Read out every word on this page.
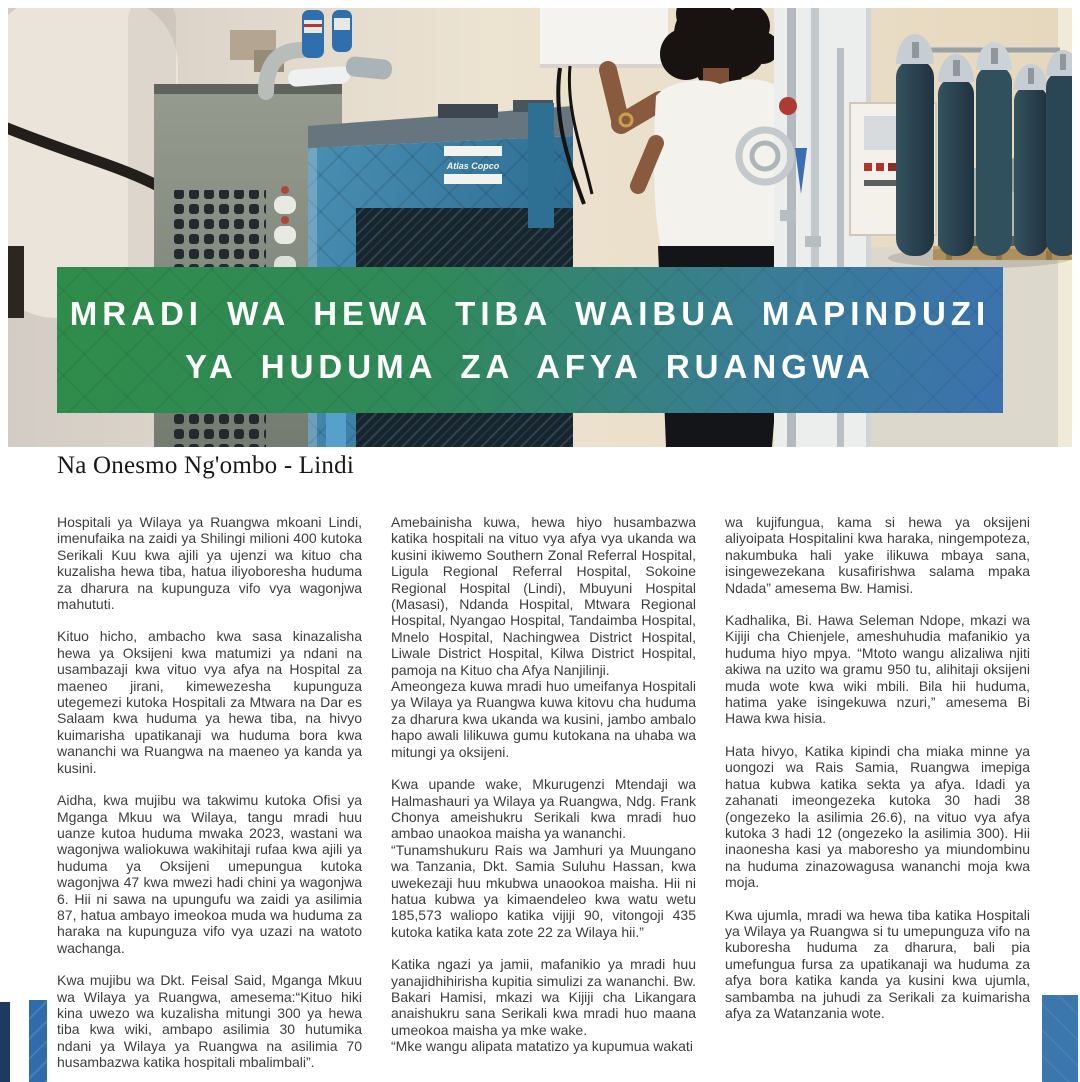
Atlas Copco
MRADI WA HEWA TIBA WAIBUA MAPINDUZI
YA HUDUMA ZA AFYA RUANGWA
Na Onesmo Ng'ombo - Lindi

Hospitali ya Wilaya ya Ruangwa mkoani Lindi, imenufaika na zaidi ya Shilingi milioni 400 kutoka Serikali Kuu kwa ajili ya ujenzi wa kituo cha kuzalisha hewa tiba, hatua iliyoboresha huduma za dharura na kupunguza vifo vya wagonjwa mahututi.

Kituo hicho, ambacho kwa sasa kinazalisha hewa ya Oksijeni kwa matumizi ya ndani na usambazaji kwa vituo vya afya na Hospital za maeneo jirani, kimewezesha kupunguza utegemezi kutoka Hospitali za Mtwara na Dar es Salaam kwa huduma ya hewa tiba, na hivyo kuimarisha upatikanaji wa huduma bora kwa wananchi wa Ruangwa na maeneo ya kanda ya kusini.

Aidha, kwa mujibu wa takwimu kutoka Ofisi ya Mganga Mkuu wa Wilaya, tangu mradi huu uanze kutoa huduma mwaka 2023, wastani wa wagonjwa waliokuwa wakihitaji rufaa kwa ajili ya huduma ya Oksijeni umepungua kutoka wagonjwa 47 kwa mwezi hadi chini ya wagonjwa 6. Hii ni sawa na upungufu wa zaidi ya asilimia 87, hatua ambayo imeokoa muda wa huduma za haraka na kupunguza vifo vya uzazi na watoto wachanga.

Kwa mujibu wa Dkt. Feisal Said, Mganga Mkuu wa Wilaya ya Ruangwa, amesema:“Kituo hiki kina uwezo wa kuzalisha mitungi 300 ya hewa tiba kwa wiki, ambapo asilimia 30 hutumika ndani ya Wilaya ya Ruangwa na asilimia 70 husambazwa katika hospitali mbalimbali”.

Amebainisha kuwa, hewa hiyo husambazwa katika hospitali na vituo vya afya vya ukanda wa kusini ikiwemo Southern Zonal Referral Hospital, Ligula Regional Referral Hospital, Sokoine Regional Hospital (Lindi), Mbuyuni Hospital (Masasi), Ndanda Hospital, Mtwara Regional Hospital, Nyangao Hospital, Tandaimba Hospital, Mnelo Hospital, Nachingwea District Hospital, Liwale District Hospital, Kilwa District Hospital, pamoja na Kituo cha Afya Nanjilinji.

Ameongeza kuwa mradi huo umeifanya Hospitali ya Wilaya ya Ruangwa kuwa kitovu cha huduma za dharura kwa ukanda wa kusini, jambo ambalo hapo awali lilikuwa gumu kutokana na uhaba wa mitungi ya oksijeni.

Kwa upande wake, Mkurugenzi Mtendaji wa Halmashauri ya Wilaya ya Ruangwa, Ndg. Frank Chonya ameishukru Serikali kwa mradi huo ambao unaokoa maisha ya wananchi.

“Tunamshukuru Rais wa Jamhuri ya Muungano wa Tanzania, Dkt. Samia Suluhu Hassan, kwa uwekezaji huu mkubwa unaookoa maisha. Hii ni hatua kubwa ya kimaendeleo kwa watu wetu 185,573 waliopo katika vijiji 90, vitongoji 435 kutoka katika kata zote 22 za Wilaya hii.”

Katika ngazi ya jamii, mafanikio ya mradi huu yanajidhihirisha kupitia simulizi za wananchi. Bw. Bakari Hamisi, mkazi wa Kijiji cha Likangara anaishukru sana Serikali kwa mradi huo maana umeokoa maisha ya mke wake.

“Mke wangu alipata matatizo ya kupumua wakati

wa kujifungua, kama si hewa ya oksijeni aliyoipata Hospitalini kwa haraka, ningempoteza, nakumbuka hali yake ilikuwa mbaya sana, isingewezekana kusafirishwa salama mpaka Ndada” amesema Bw. Hamisi.

Kadhalika, Bi. Hawa Seleman Ndope, mkazi wa Kijiji cha Chienjele, ameshuhudia mafanikio ya huduma hiyo mpya. “Mtoto wangu alizaliwa njiti akiwa na uzito wa gramu 950 tu, alihitaji oksijeni muda wote kwa wiki mbili. Bila hii huduma, hatima yake isingekuwa nzuri,” amesema Bi Hawa kwa hisia.

Hata hivyo, Katika kipindi cha miaka minne ya uongozi wa Rais Samia, Ruangwa imepiga hatua kubwa katika sekta ya afya. Idadi ya zahanati imeongezeka kutoka 30 hadi 38 (ongezeko la asilimia 26.6), na vituo vya afya kutoka 3 hadi 12 (ongezeko la asilimia 300). Hii inaonesha kasi ya maboresho ya miundombinu na huduma zinazowagusa wananchi moja kwa moja.

Kwa ujumla, mradi wa hewa tiba katika Hospitali ya Wilaya ya Ruangwa si tu umepunguza vifo na kuboresha huduma za dharura, bali pia umefungua fursa za upatikanaji wa huduma za afya bora katika kanda ya kusini kwa ujumla, sambamba na juhudi za Serikali za kuimarisha afya za Watanzania wote.
